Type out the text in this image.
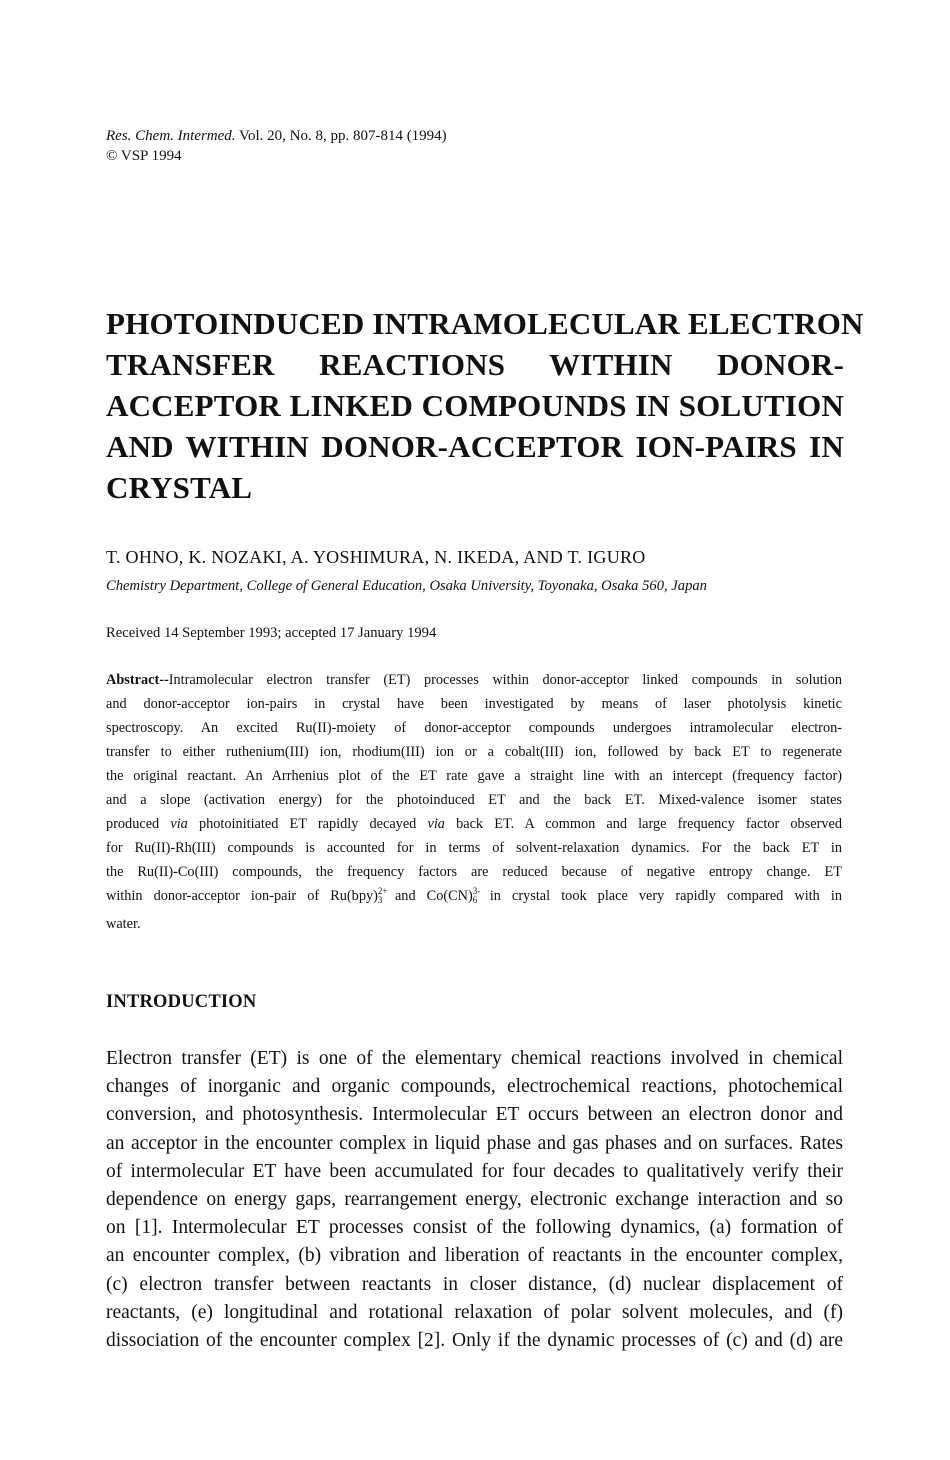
Res. Chem. Intermed. Vol. 20, No. 8, pp. 807-814 (1994)
© VSP 1994
PHOTOINDUCED INTRAMOLECULAR ELECTRON
TRANSFER REACTIONS WITHIN DONOR-
ACCEPTOR LINKED COMPOUNDS IN SOLUTION
AND WITHIN DONOR-ACCEPTOR ION-PAIRS IN
CRYSTAL
T. OHNO, K. NOZAKI, A. YOSHIMURA, N. IKEDA, AND T. IGURO
Chemistry Department, College of General Education, Osaka University, Toyonaka, Osaka 560, Japan
Received 14 September 1993; accepted 17 January 1994
Abstract--Intramolecular electron transfer (ET) processes within donor-acceptor linked compounds in solution
and donor-acceptor ion-pairs in crystal have been investigated by means of laser photolysis kinetic
spectroscopy. An excited Ru(II)-moiety of donor-acceptor compounds undergoes intramolecular electron-
transfer to either ruthenium(III) ion, rhodium(III) ion or a cobalt(III) ion, followed by back ET to regenerate
the original reactant. An Arrhenius plot of the ET rate gave a straight line with an intercept (frequency factor)
and a slope (activation energy) for the photoinduced ET and the back ET. Mixed-valence isomer states
produced via photoinitiated ET rapidly decayed via back ET. A common and large frequency factor observed
for Ru(II)-Rh(III) compounds is accounted for in terms of solvent-relaxation dynamics. For the back ET in
the Ru(II)-Co(III) compounds, the frequency factors are reduced because of negative entropy change. ET
within donor-acceptor ion-pair of Ru(bpy) 2+
3 and Co(CN) 3-
6 in crystal took place very rapidly compared with in
water.
INTRODUCTION
Electron transfer (ET) is one of the elementary chemical reactions involved in chemical
changes of inorganic and organic compounds, electrochemical reactions, photochemical
conversion, and photosynthesis. Intermolecular ET occurs between an electron donor and
an acceptor in the encounter complex in liquid phase and gas phases and on surfaces. Rates
of intermolecular ET have been accumulated for four decades to qualitatively verify their
dependence on energy gaps, rearrangement energy, electronic exchange interaction and so
on [1]. Intermolecular ET processes consist of the following dynamics, (a) formation of
an encounter complex, (b) vibration and liberation of reactants in the encounter complex,
(c) electron transfer between reactants in closer distance, (d) nuclear displacement of
reactants, (e) longitudinal and rotational relaxation of polar solvent molecules, and (f)
dissociation of the encounter complex [2]. Only if the dynamic processes of (c) and (d) are
